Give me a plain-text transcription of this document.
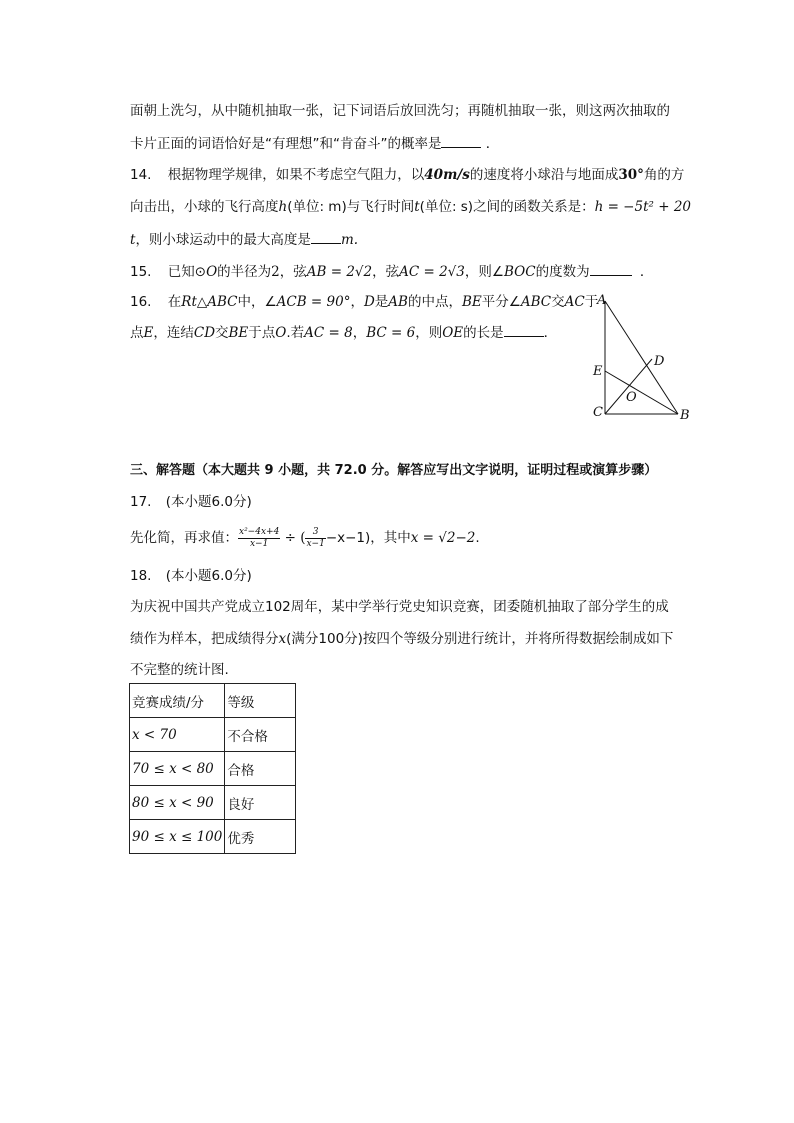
面朝上洗匀，从中随机抽取一张，记下词语后放回洗匀；再随机抽取一张，则这两次抽取的
卡片正面的词语恰好是“有理想”和“肯奋斗”的概率是	．
14. 根据物理学规律，如果不考虑空气阻力，以40m/s的速度将小球沿与地面成30°角的方
向击出，小球的飞行高度h(单位: m)与飞行时间t(单位: s)之间的函数关系是：h = −5t² + 20
t，则小球运动中的最大高度是 m.
15. 已知⊙O的半径为2，弦AB = 2√2，弦AC = 2√3，则∠BOC的度数为	．
16. 在Rt△ABC中，∠ACB = 90°，D是AB的中点，BE平分∠ABC交AC于
点E，连结CD交BE于点O.若AC = 8，BC = 6，则OE的长是	．
A
D
E
O
C	B
三、解答题（本大题共 9 小题，共 72.0 分。解答应写出文字说明，证明过程或演算步骤）
17. (本小题6.0分)
先化简，再求值： $\frac{\text{x²−4x+4}}{x-1}$ ÷ ( $\frac{3}{x-1} -x-1$)，其中x = √2−2.
18. (本小题6.0分)
为庆祝中国共产党成立102周年，某中学举行党史知识竞赛，团委随机抽取了部分学生的成
绩作为样本，把成绩得分x(满分100分)按四个等级分别进行统计，并将所得数据绘制成如下
不完整的统计图.
竞赛成绩/分	等级
x < 70	不合格
70 ≤ x < 80	合格
80 ≤ x < 90	良好
90 ≤ x ≤ 100	优秀
